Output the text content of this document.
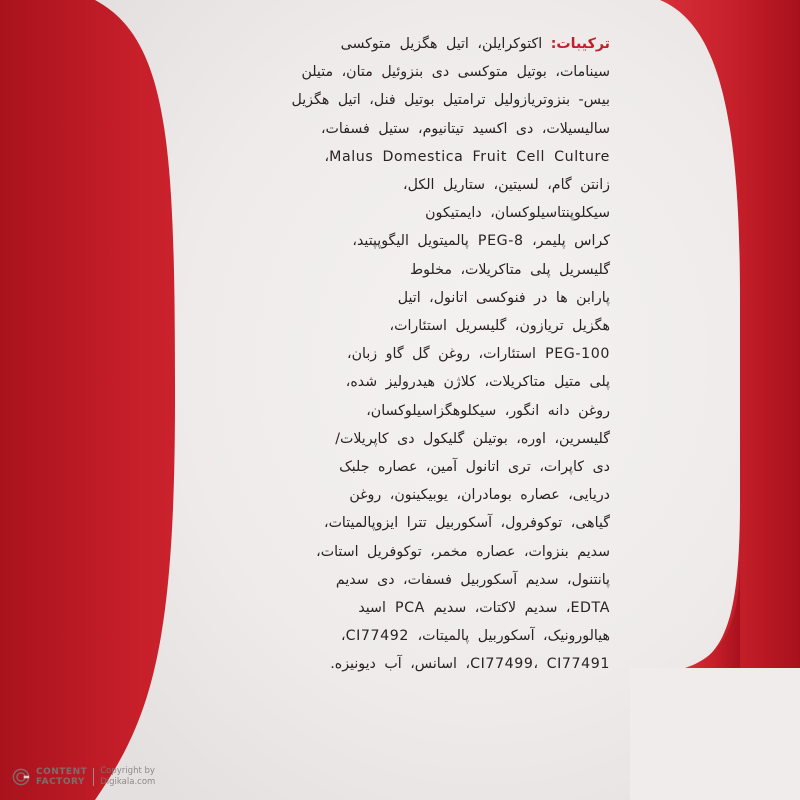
ترکیبات: اکتوکرایلن، اتیل هگزیل متوکسی
سینامات، بوتیل متوکسی دی بنزوئیل متان، متیلن
بیس- بنزوتریازولیل ترامتیل بوتیل فنل، اتیل هگزیل
سالیسیلات، دی اکسید تیتانیوم، ستیل فسفات،
Malus Domestica Fruit Cell Culture،
زانتن گام، لسیتین، ستاریل الکل،
سیکلوپنتاسیلوکسان، دایمتیکون
کراس پلیمر، PEG-8 پالمیتویل الیگوپپتید،
گلیسریل پلی متاکریلات، مخلوط
پارابن ها در فنوکسی اتانول، اتیل
هگزیل تریازون، گلیسریل استئارات،
PEG-100 استئارات، روغن گل گاو زبان،
پلی متیل متاکریلات، کلاژن هیدرولیز شده،
روغن دانه انگور، سیکلوهگزاسیلوکسان،
گلیسرین، اوره، بوتیلن گلیکول دی کاپریلات/
دی کاپرات، تری اتانول آمین، عصاره جلبک
دریایی، عصاره بومادران، یوبیکینون، روغن
گیاهی، توکوفرول، آسکوربیل تترا ایزوپالمیتات،
سدیم بنزوات، عصاره مخمر، توکوفریل استات،
پانتنول، سدیم آسکوربیل فسفات، دی سدیم
EDTA، سدیم لاکتات، سدیم PCA اسید
هیالورونیک، آسکوربیل پالمیتات، CI77492،
CI77499، CI77491، اسانس، آب دیونیزه.
CONTENT
FACTORY
Copyright by
Digikala.com
